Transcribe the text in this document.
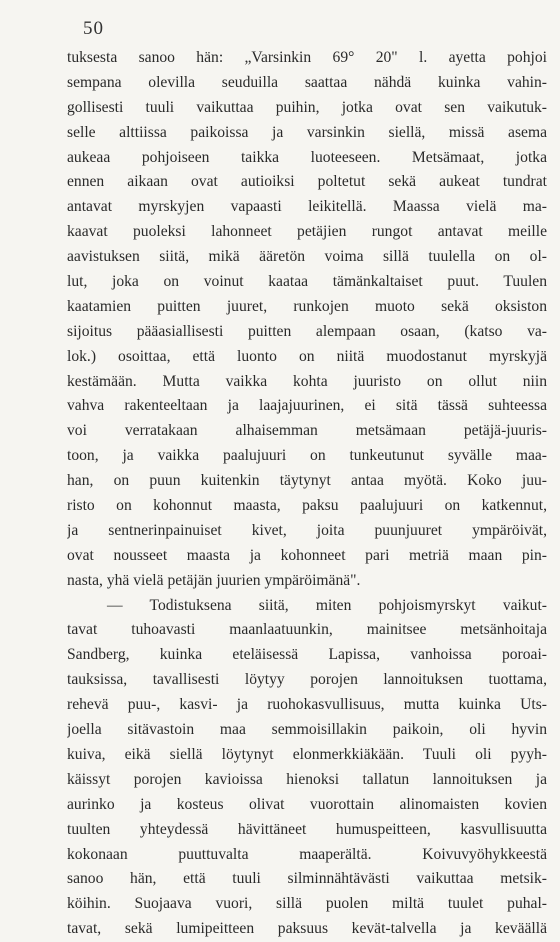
50
tuksesta sanoo hän: „Varsinkin 69° 20" l. ayetta pohjoi
sempana olevilla seuduilla saattaa nähdä kuinka vahin-
gollisesti tuuli vaikuttaa puihin, jotka ovat sen vaikutuk-
selle alttiissa paikoissa ja varsinkin siellä, missä asema
aukeaa pohjoiseen taikka luoteeseen. Metsämaat, jotka
ennen aikaan ovat autioiksi poltetut sekä aukeat tundrat
antavat myrskyjen vapaasti leikitellä. Maassa vielä ma-
kaavat puoleksi lahonneet petäjien rungot antavat meille
aavistuksen siitä, mikä ääretön voima sillä tuulella on ol-
lut, joka on voinut kaataa tämänkaltaiset puut. Tuulen
kaatamien puitten juuret, runkojen muoto sekä oksiston
sijoitus pääasiallisesti puitten alempaan osaan, (katso va-
lok.) osoittaa, että luonto on niitä muodostanut myrskyjä
kestämään. Mutta vaikka kohta juuristo on ollut niin
vahva rakenteeltaan ja laajajuurinen, ei sitä tässä suhteessa
voi verratakaan alhaisemman metsämaan petäjä-juuris-
toon, ja vaikka paalujuuri on tunkeutunut syvälle maa-
han, on puun kuitenkin täytynyt antaa myötä. Koko juu-
risto on kohonnut maasta, paksu paalujuuri on katkennut,
ja sentnerinpainuiset kivet, joita puunjuuret ympäröivät,
ovat nousseet maasta ja kohonneet pari metriä maan pin-
nasta, yhä vielä petäjän juurien ympäröimänä".
— Todistuksena siitä, miten pohjoismyrskyt vaikut-
tavat tuhoavasti maanlaatuunkin, mainitsee metsänhoitaja
Sandberg, kuinka eteläisessä Lapissa, vanhoissa poroai-
tauksissa, tavallisesti löytyy porojen lannoituksen tuottama,
rehevä puu-, kasvi- ja ruohokasvullisuus, mutta kuinka Uts-
joella sitävastoin maa semmoisillakin paikoin, oli hyvin
kuiva, eikä siellä löytynyt elonmerkkiäkään. Tuuli oli pyyh-
käissyt porojen kavioissa hienoksi tallatun lannoituksen ja
aurinko ja kosteus olivat vuorottain alinomaisten kovien
tuulten yhteydessä hävittäneet humuspeitteen, kasvullisuutta
kokonaan puuttuvalta maaperältä. Koivuvyöhykkeestä
sanoo hän, että tuuli silminnähtävästi vaikuttaa metsik-
köihin. Suojaava vuori, sillä puolen miltä tuulet puhal-
tavat, sekä lumipeitteen paksuus kevät-talvella ja keväällä
